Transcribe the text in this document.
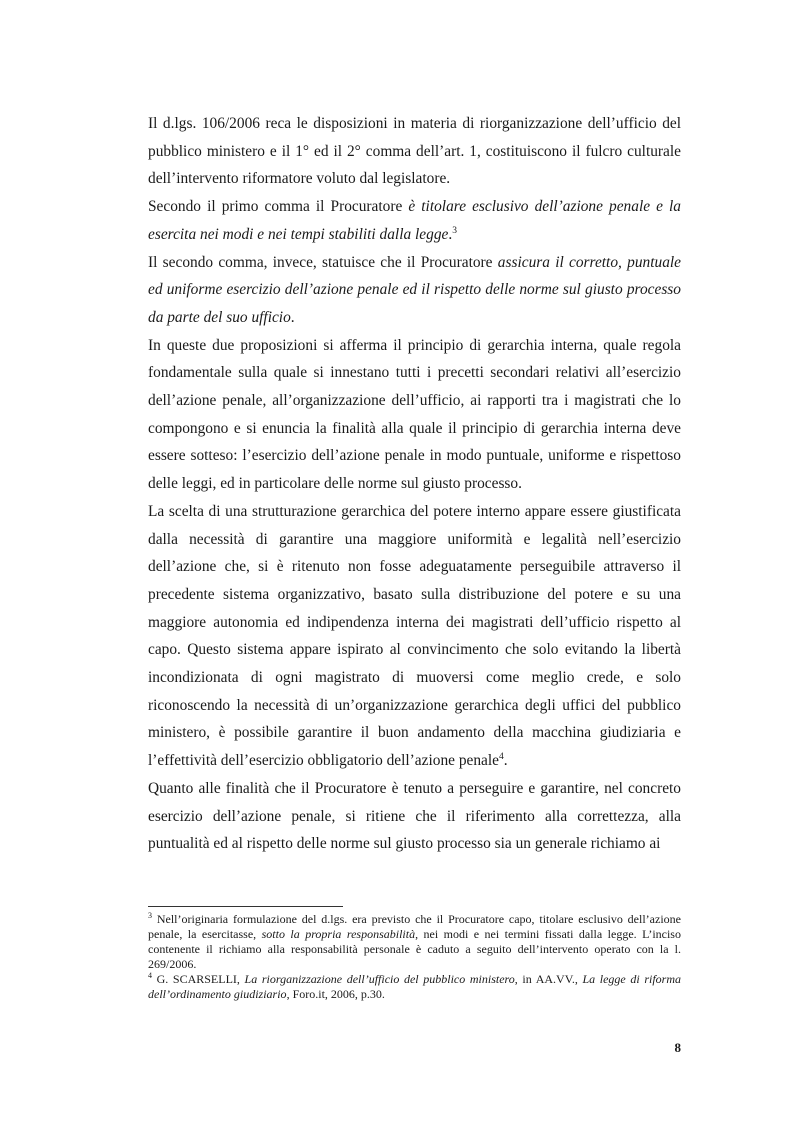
Il d.lgs. 106/2006 reca le disposizioni in materia di riorganizzazione dell’ufficio del pubblico ministero e il 1° ed il 2° comma dell’art. 1, costituiscono il fulcro culturale dell’intervento riformatore voluto dal legislatore.

Secondo il primo comma il Procuratore è titolare esclusivo dell’azione penale e la esercita nei modi e nei tempi stabiliti dalla legge.$^3$

Il secondo comma, invece, statuisce che il Procuratore assicura il corretto, puntuale ed uniforme esercizio dell’azione penale ed il rispetto delle norme sul giusto processo da parte del suo ufficio.

In queste due proposizioni si afferma il principio di gerarchia interna, quale regola fondamentale sulla quale si innestano tutti i precetti secondari relativi all’esercizio dell’azione penale, all’organizzazione dell’ufficio, ai rapporti tra i magistrati che lo compongono e si enuncia la finalità alla quale il principio di gerarchia interna deve essere sotteso: l’esercizio dell’azione penale in modo puntuale, uniforme e rispettoso delle leggi, ed in particolare delle norme sul giusto processo.

La scelta di una strutturazione gerarchica del potere interno appare essere giustificata dalla necessità di garantire una maggiore uniformità e legalità nell’esercizio dell’azione che, si è ritenuto non fosse adeguatamente perseguibile attraverso il precedente sistema organizzativo, basato sulla distribuzione del potere e su una maggiore autonomia ed indipendenza interna dei magistrati dell’ufficio rispetto al capo. Questo sistema appare ispirato al convincimento che solo evitando la libertà incondizionata di ogni magistrato di muoversi come meglio crede, e solo riconoscendo la necessità di un’organizzazione gerarchica degli uffici del pubblico ministero, è possibile garantire il buon andamento della macchina giudiziaria e l’effettività dell’esercizio obbligatorio dell’azione penale$^4$.

Quanto alle finalità che il Procuratore è tenuto a perseguire e garantire, nel concreto esercizio dell’azione penale, si ritiene che il riferimento alla correttezza, alla puntualità ed al rispetto delle norme sul giusto processo sia un generale richiamo ai

$^3$ Nell’originaria formulazione del d.lgs. era previsto che il Procuratore capo, titolare esclusivo dell’azione penale, la esercitasse, sotto la propria responsabilità, nei modi e nei termini fissati dalla legge. L’inciso contenente il richiamo alla responsabilità personale è caduto a seguito dell’intervento operato con la l. 269/2006.

$^4$ G. SCARSELLI, La riorganizzazione dell’ufficio del pubblico ministero, in AA.VV., La legge di riforma dell’ordinamento giudiziario, Foro.it, 2006, p.30.

8
